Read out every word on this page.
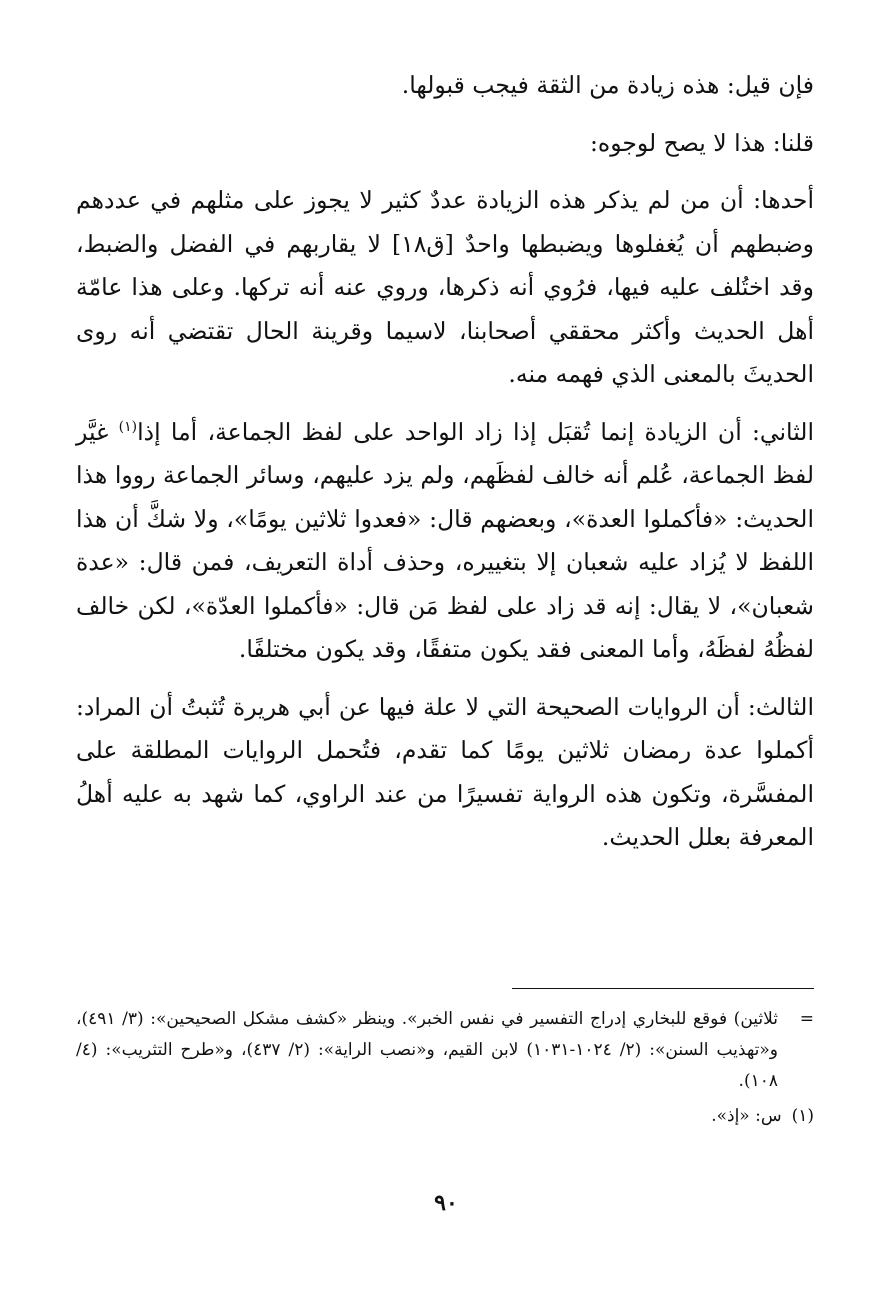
فإن قيل: هذه زيادة من الثقة فيجب قبولها.

قلنا: هذا لا يصح لوجوه:

أحدها: أن من لم يذكر هذه الزيادة عددٌ كثير لا يجوز على مثلهم في عددهم وضبطهم أن يُغفلوها ويضبطها واحدٌ [ق١٨] لا يقاربهم في الفضل والضبط، وقد اختُلف عليه فيها، فرُوي أنه ذكرها، وروي عنه أنه تركها. وعلى هذا عامّة أهل الحديث وأكثر محققي أصحابنا، لاسيما وقرينة الحال تقتضي أنه روى الحديثَ بالمعنى الذي فهمه منه.

الثاني: أن الزيادة إنما تُقبَل إذا زاد الواحد على لفظ الجماعة، أما إذا$^{(١)}$ غيَّر لفظ الجماعة، عُلم أنه خالف لفظَهم، ولم يزد عليهم، وسائر الجماعة رووا هذا الحديث: «فأكملوا العدة»، وبعضهم قال: «فعدوا ثلاثين يومًا»، ولا شكَّ أن هذا اللفظ لا يُزاد عليه شعبان إلا بتغييره، وحذف أداة التعريف، فمن قال: «عدة شعبان»، لا يقال: إنه قد زاد على لفظ مَن قال: «فأكملوا العدّة»، لكن خالف لفظُهُ لفظَهُ، وأما المعنى فقد يكون متفقًا، وقد يكون مختلفًا.

الثالث: أن الروايات الصحيحة التي لا علة فيها عن أبي هريرة تُثبتُ أن المراد: أكملوا عدة رمضان ثلاثين يومًا كما تقدم، فتُحمل الروايات المطلقة على المفسَّرة، وتكون هذه الرواية تفسيرًا من عند الراوي، كما شهد به عليه أهلُ المعرفة بعلل الحديث.

=

ثلاثين) فوقع للبخاري إدراج التفسير في نفس الخبر». وينظر «كشف مشكل الصحيحين»: (٣/ ٤٩١)، و«تهذيب السنن»: (٢/ ١٠٢٤-١٠٣١) لابن القيم، و«نصب الراية»: (٢/ ٤٣٧)، و«طرح التثريب»: (٤/ ١٠٨).

(١)
س: «إذ».
٩٠
